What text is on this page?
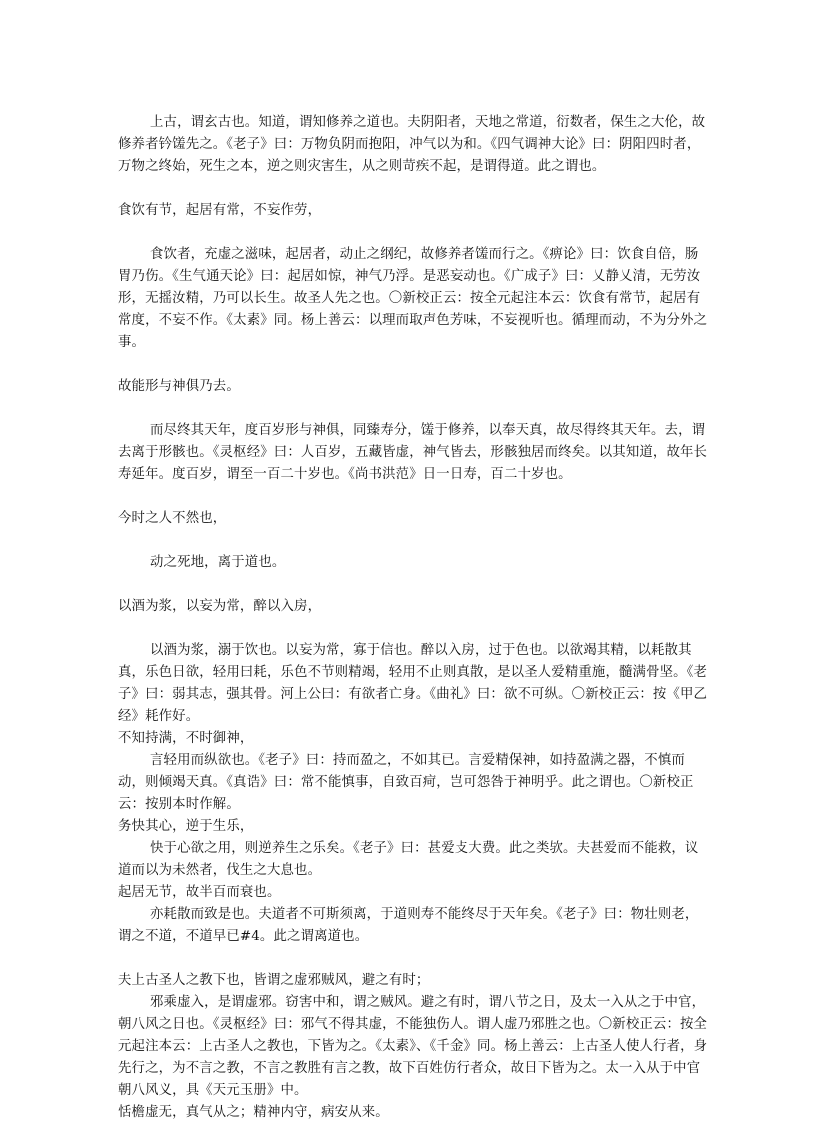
上古，谓玄古也。知道，谓知修养之道也。夫阴阳者，天地之常道，衍数者，保生之大伦，故修养者钤馐先之。《老子》曰：万物负阴而抱阳，冲气以为和。《四气调神大论》曰：阴阳四时者，万物之终始，死生之本，逆之则灾害生，从之则苛疾不起，是谓得道。此之谓也。

食饮有节，起居有常，不妄作劳，

食饮者，充虚之滋味，起居者，动止之纲纪，故修养者馐而行之。《痹论》曰：饮食自倍，肠胃乃伤。《生气通天论》曰：起居如惊，神气乃浮。是恶妄动也。《广成子》曰：乂静乂清，无劳汝形，无摇汝精，乃可以长生。故圣人先之也。〇新校正云：按全元起注本云：饮食有常节，起居有常度，不妄不作。《太素》同。杨上善云：以理而取声色芳味，不妄视听也。循理而动，不为分外之事。

故能形与神俱乃去。

而尽终其天年，度百岁形与神俱，同臻寿分，馐于修养，以奉天真，故尽得终其天年。去，谓去离于形骸也。《灵枢经》曰：人百岁，五藏皆虚，神气皆去，形骸独居而终矣。以其知道，故年长寿延年。度百岁，谓至一百二十岁也。《尚书洪范》日一日寿，百二十岁也。

今时之人不然也，

动之死地，离于道也。

以酒为浆，以妄为常，醉以入房，

以酒为浆，溺于饮也。以妄为常，寡于信也。醉以入房，过于色也。以欲竭其精，以耗散其真，乐色日欲，轻用曰耗，乐色不节则精竭，轻用不止则真散，是以圣人爱精重施，髓满骨坚。《老子》曰：弱其志，强其骨。河上公曰：有欲者亡身。《曲礼》曰：欲不可纵。〇新校正云：按《甲乙经》耗作好。

不知持满，不时御神，

言轻用而纵欲也。《老子》曰：持而盈之，不如其已。言爱精保神，如持盈满之器，不慎而动，则倾竭天真。《真诰》曰：常不能慎事，自致百疴，岂可怨咎于神明乎。此之谓也。〇新校正云：按别本时作解。

务快其心，逆于生乐，

快于心欲之用，则逆养生之乐矣。《老子》曰：甚爱攴大费。此之类欤。夫甚爱而不能救，议道而以为未然者，伐生之大息也。

起居无节，故半百而衰也。

亦耗散而致是也。夫道者不可斯须离，于道则寿不能终尽于天年矣。《老子》曰：物壮则老，谓之不道，不道早已#4。此之谓离道也。

夫上古圣人之教下也，皆谓之虚邪贼风，避之有时；

邪乘虚入，是谓虚邪。窃害中和，谓之贼风。避之有时，谓八节之日，及太一入从之于中官，朝八风之日也。《灵枢经》曰：邪气不得其虚，不能独伤人。谓人虚乃邪胜之也。〇新校正云：按全元起注本云：上古圣人之教也，下皆为之。《太素》、《千金》同。杨上善云：上古圣人使人行者，身先行之，为不言之教，不言之教胜有言之教，故下百姓仿行者众，故日下皆为之。太一入从于中官朝八风义，具《天元玉册》中。

恬檐虚无，真气从之；精神内守，病安从来。
